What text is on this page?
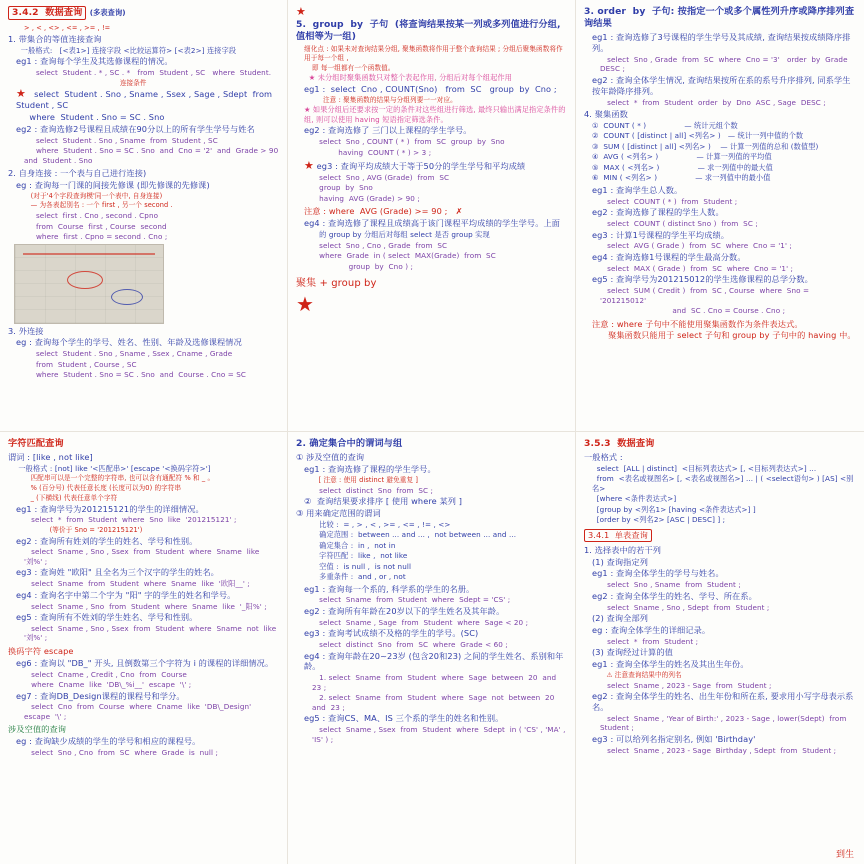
3.4.2  数据查询 (多表查询)
> , < , <> , <= , >= , !=
1. 带集合的等值连接查询
一般格式:   [<表1>] 连接字段 <比较运算符> [<表2>] 连接字段
eg1 : 查询每个学生及其选修课程的情况。
select  Student . * , SC . *   from  Student , SC   where  Student.
连接条件
★   select  Student . Sno , Sname , Ssex , Sage , Sdept  from  Student , SC
where  Student . Sno = SC . Sno
eg2 : 查询选修2号课程且成绩在90分以上的所有学生学号与姓名
select  Student . Sno , Sname  from  Student , SC
where  Student . Sno = SC . Sno  and  Cno = '2'  and  Grade > 90  and  Student . Sno
2. 自身连接 : 一个表与自己进行连接)
eg : 查询每一门课的间接先修课 (即先修课的先修课)
(对于'4个字段查询模'同一个表中, 自身连接)
— 为各表起别名 : 一个 first , 另一个 second .
select  first . Cno , second . Cpno
from  Course  first , Course  second
where  first . Cpno = second . Cno ;
3. 外连接
eg : 查询每个学生的学号、姓名、性别、年龄及选修课程情况
select  Student . Sno , Sname , Ssex , Cname , Grade
from  Student , Course , SC
where  Student . Sno = SC . Sno  and  Course . Cno = SC
★
5.  group  by  子句  (将查询结果按某一列或多列值进行分组, 值相等为一组)
细化点 : 如果未对查询结果分组, 聚集函数将作用于整个查询结果 ; 分组后聚集函数将作用于每一个组 ,
即 每一组都有一个函数值。
★ 未分组时聚集函数只对整个表起作用, 分组后对每个组起作用
eg1 :  select  Cno , COUNT(Sno)   from  SC   group  by  Cno ;
注意 : 聚集函数的结果与分组列要一一对应。
★ 如果分组后还要求按一定的条件对这些组进行筛选, 最终只输出满足指定条件的组, 则可以使用 having 短语指定筛选条件。
eg2 : 查询选修了 三门以上课程的学生学号。
select  Sno , COUNT ( * )  from  SC  group  by  Sno
having  COUNT ( * ) > 3 ;
★ eg3 : 查询平均成绩大于等于50分的学生学号和平均成绩
select  Sno , AVG (Grade)  from  SC
group  by  Sno
having  AVG (Grade) > 90 ;
注意 : where  AVG (Grade) >= 90 ;   ✗
eg4 : 查询选修了课程且成绩高于该门课程平均成绩的学生学号。上面
的 group by 分组后对每组 select 是否 group 实现
select  Sno , Cno , Grade  from  SC
where  Grade  in ( select  MAX(Grade)  from  SC
group  by  Cno ) ;
聚集 + group by
★
3. order  by  子句: 按指定一个或多个属性列升序或降序排列查询结果
eg1 : 查询选修了3号课程的学生学号及其成绩, 查询结果按成绩降序排列。
select  Sno , Grade  from  SC  where  Cno = '3'   order  by  Grade  DESC ;
eg2 : 查询全体学生情况, 查询结果按所在系的系号升序排列, 同系学生按年龄降序排列。
select  *  from  Student  order  by  Dno  ASC , Sage  DESC ;
4. 聚集函数
①  COUNT ( * )                — 统计元组个数
②  COUNT ( [distinct | all] <列名> )   — 统计一列中值的个数
③  SUM ( [distinct | all] <列名> )    — 计算一列值的总和 (数值型)
④  AVG ( <列名> )                — 计算一列值的平均值
⑤  MAX ( <列名> )                — 求一列值中的最大值
⑥  MIN ( <列名> )                — 求一列值中的最小值
eg1 : 查询学生总人数。
select  COUNT ( * )  from  Student ;
eg2 : 查询选修了课程的学生人数。
select  COUNT ( distinct Sno )  from  SC ;
eg3 : 计算1号课程的学生平均成绩。
select  AVG ( Grade )  from  SC  where  Cno = '1' ;
eg4 : 查询选修1号课程的学生最高分数。
select  MAX ( Grade )  from  SC  where  Cno = '1' ;
eg5 : 查询学号为201215012的学生选修课程的总学分数。
select  SUM ( Credit )  from  SC , Course  where  Sno = '201215012'
and  SC . Cno = Course . Cno ;
注意 : where 子句中不能使用聚集函数作为条件表达式。
聚集函数只能用于 select 子句和 group by 子句中的 having 中。
字符匹配查询
谓词 : [like , not like]
一般格式 : [not] like '<匹配串>' [escape '<换码字符>']
匹配串可以是一个完整的字符串, 也可以含有通配符 % 和 _ 。
% (百分号) 代表任意长度 (长度可以为0) 的字符串
_ (下横线) 代表任意单个字符
eg1 : 查询学号为201215121的学生的详细情况。
select  *  from  Student  where  Sno  like  '201215121' ;
(等价于 Sno = '201215121')
eg2 : 查询所有姓刘的学生的姓名、学号和性别。
select  Sname , Sno , Ssex  from  Student  where  Sname  like  '刘%' ;
eg3 : 查询姓 "欧阳" 且全名为三个汉字的学生的姓名。
select  Sname  from  Student  where  Sname  like  '欧阳__' ;
eg4 : 查询名字中第二个字为 "阳" 字的学生的姓名和学号。
select  Sname , Sno  from  Student  where  Sname  like  '_阳%' ;
eg5 : 查询所有不姓刘的学生姓名、学号和性别。
select  Sname , Sno , Ssex  from  Student  where  Sname  not  like  '刘%' ;
换码字符 escape
eg6 : 查询以 "DB_" 开头, 且倒数第三个字符为 i 的课程的详细情况。
select  Cname , Credit , Cno  from  Course
where  Cname  like  'DB\_%i__'  escape  '\' ;
eg7 : 查询DB_Design课程的课程号和学分。
select  Cno  from  Course  where  Cname  like  'DB\_Design'  escape  '\' ;
涉及空值的查询
eg : 查询缺少成绩的学生的学号和相应的课程号。
select  Sno , Cno  from  SC  where  Grade  is  null ;
2. 确定集合中的谓词与组
① 涉及空值的查询
eg1 : 查询选修了课程的学生学号。
[ 注意 : 使用 distinct 避免重复 ]
select  distinct  Sno  from  SC ;
②  查询结果要求排序 [ 使用 where 某列 ]
③ 用来确定范围的谓词
比较 :  = , > , < , >= , <= , != , <>
确定范围 :  between ... and ... ,  not between ... and ...
确定集合 :  in ,  not in
字符匹配 :  like ,  not like
空值 :  is null ,  is not null
多重条件 :  and , or , not
eg1 : 查询每一个系的, 科学系的学生的名册。
select  Sname  from  Student  where  Sdept = 'CS' ;
eg2 : 查询所有年龄在20岁以下的学生姓名及其年龄。
select  Sname , Sage  from  Student  where  Sage < 20 ;
eg3 : 查询考试成绩不及格的学生的学号。(SC)
select  distinct  Sno  from  SC  where  Grade < 60 ;
eg4 : 查询年龄在20~23岁 (包含20和23) 之间的学生姓名、系别和年龄。
1. select  Sname  from  Student  where  Sage  between  20  and  23 ;
2. select  Sname  from  Student  where  Sage  not  between  20  and  23 ;
eg5 : 查询CS、MA、IS 三个系的学生的姓名和性别。
select  Sname , Ssex  from  Student  where  Sdept  in ( 'CS' , 'MA' , 'IS' ) ;
3.5.3  数据查询
一般格式 :
select  [ALL | distinct]  <目标列表达式> [, <目标列表达式>] ...
from  <表名或视图名> [, <表名或视图名>] ... | ( <select语句> ) [AS] <别名>
[where <条件表达式>]
[group by <列名1> [having <条件表达式>] ]
[order by <列名2> [ASC | DESC] ] ;
3.4.1  单表查询
1. 选择表中的若干列
(1) 查询指定列
eg1 : 查询全体学生的学号与姓名。
select  Sno , Sname  from  Student ;
eg2 : 查询全体学生的姓名、学号、所在系。
select  Sname , Sno , Sdept  from  Student ;
(2) 查询全部列
eg : 查询全体学生的详细记录。
select  *  from  Student ;
(3) 查询经过计算的值
eg1 : 查询全体学生的姓名及其出生年份。
⚠ 注意查询结果中的列名
select  Sname , 2023 - Sage  from  Student ;
eg2 : 查询全体学生的姓名、出生年份和所在系, 要求用小写字母表示系名。
select  Sname , 'Year of Birth:' , 2023 - Sage , lower(Sdept)  from  Student ;
eg3 : 可以给列名指定别名, 例如 'Birthday'
select  Sname , 2023 - Sage  Birthday , Sdept  from  Student ;
到生
